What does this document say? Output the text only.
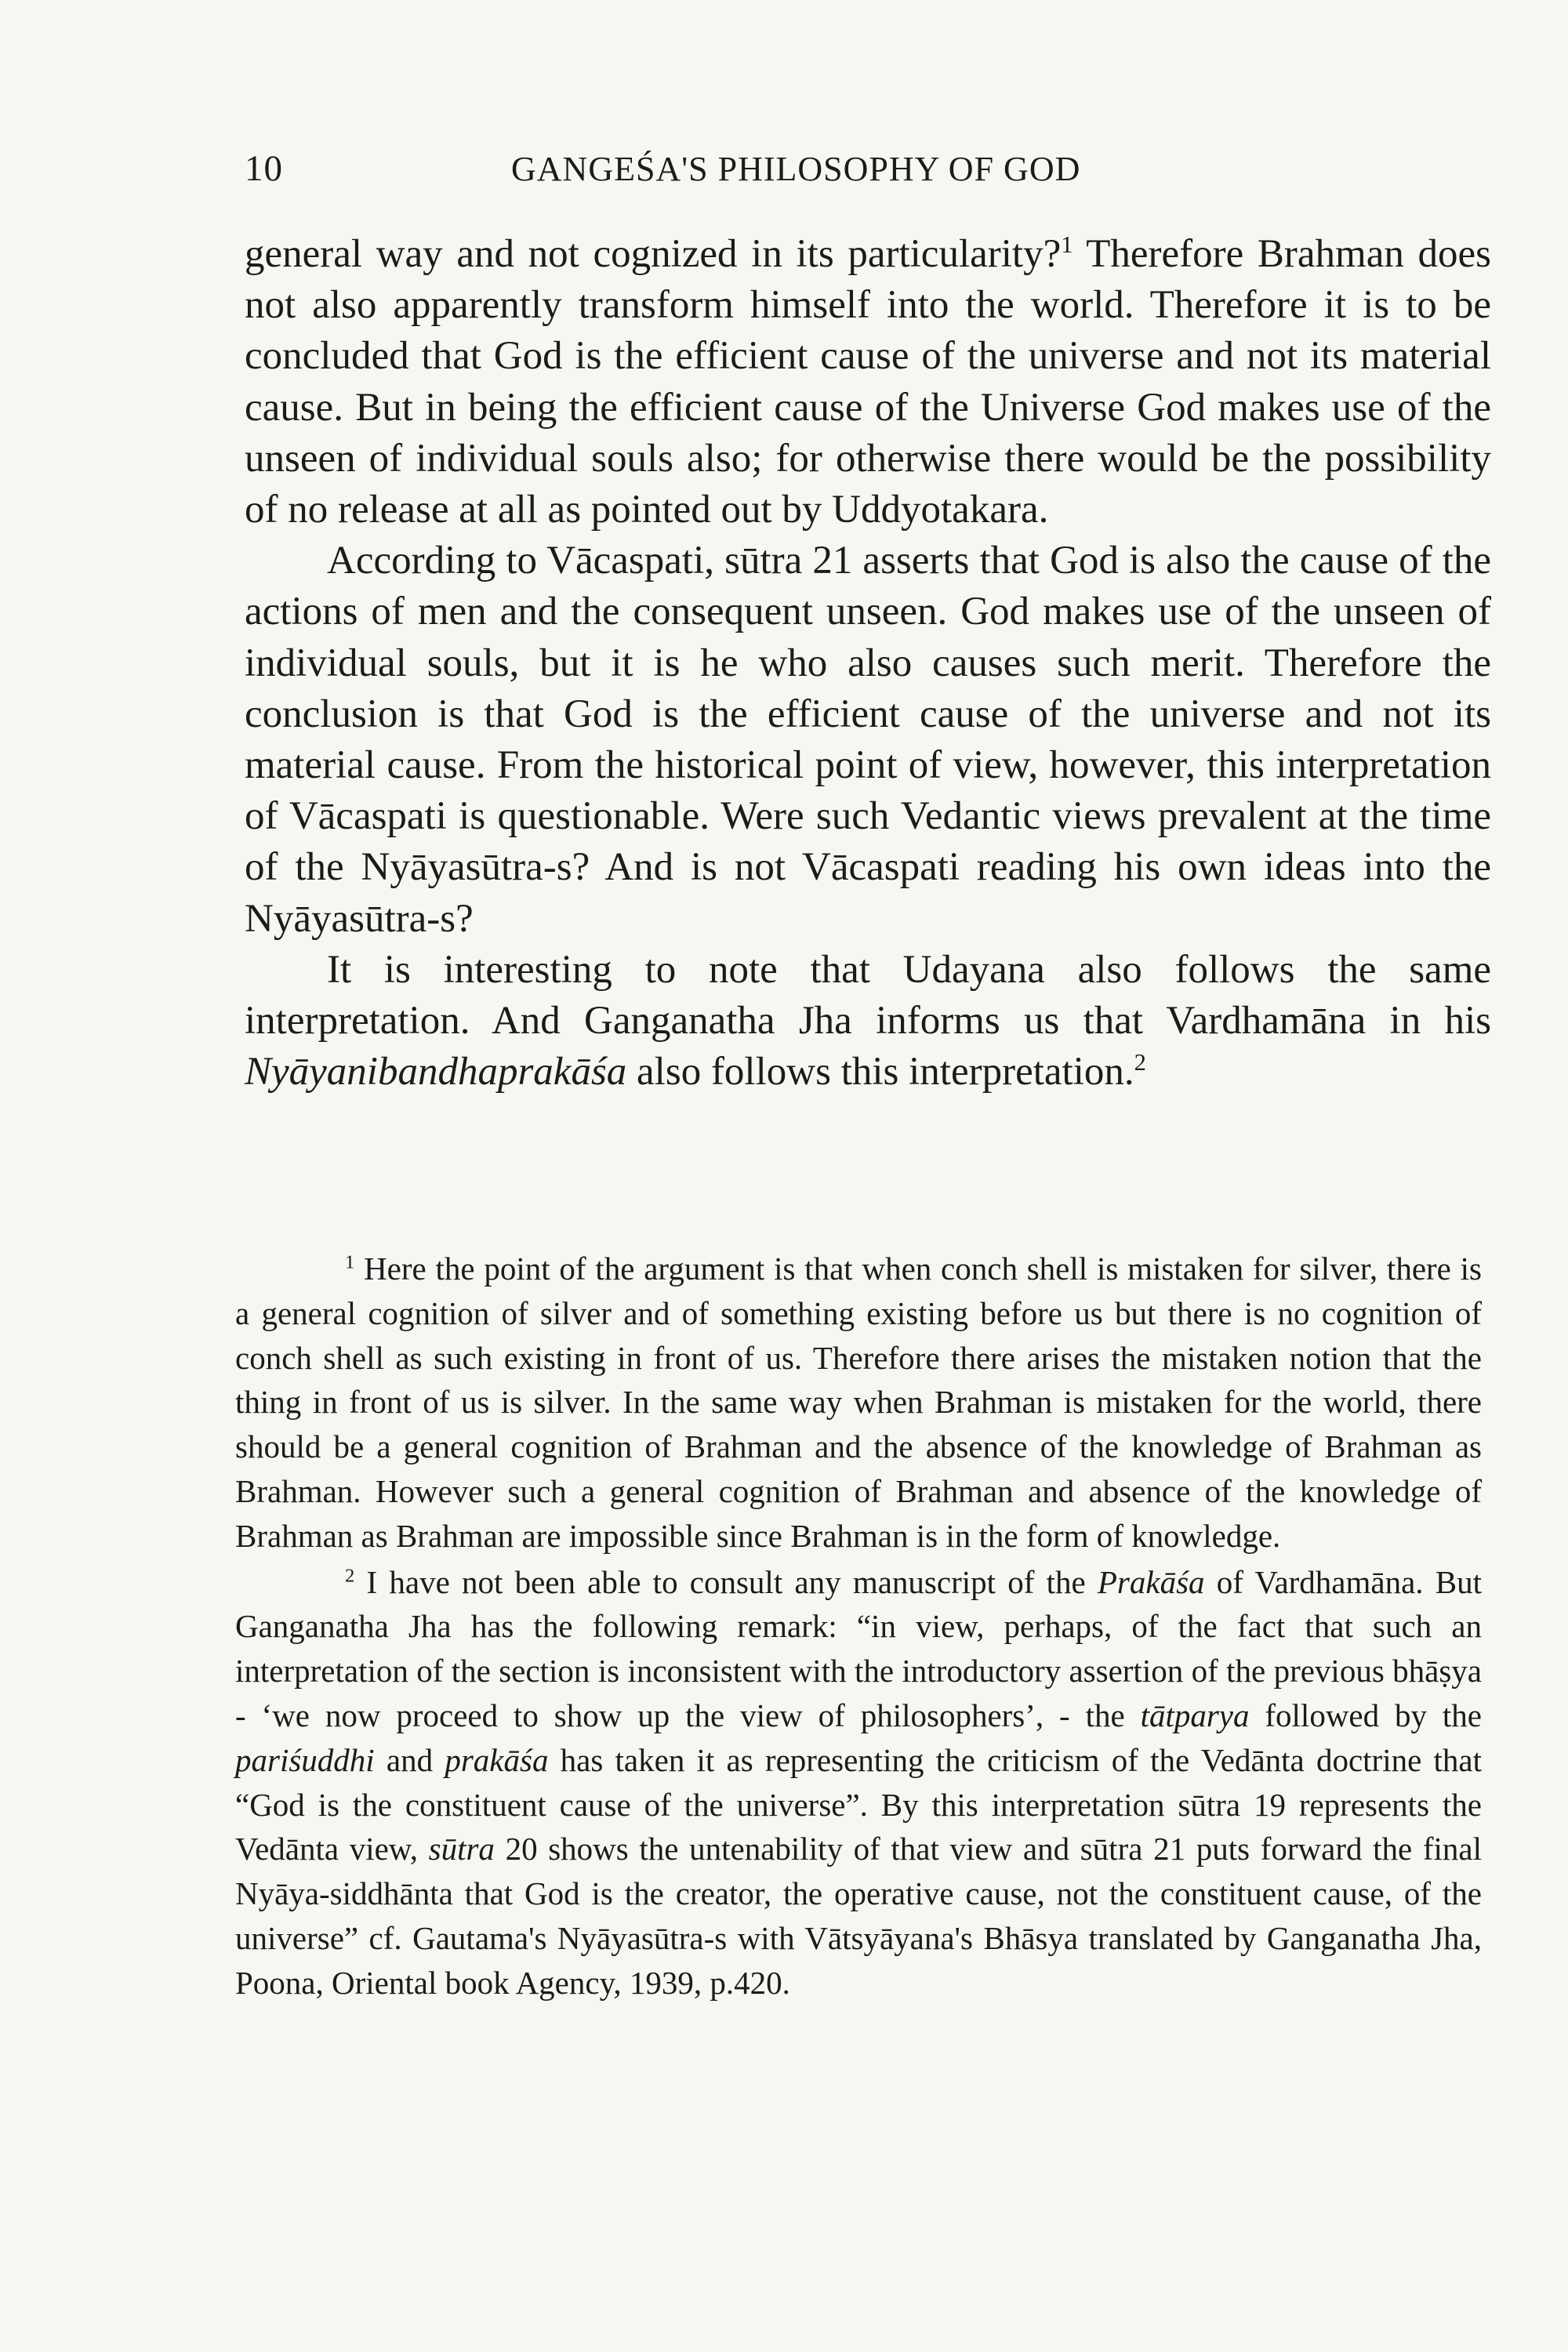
10	GANGEŚA'S PHILOSOPHY OF GOD

general way and not cognized in its particularity?$^1$ Therefore Brahman does not also apparently transform himself into the world. Therefore it is to be concluded that God is the efficient cause of the universe and not its material cause. But in being the efficient cause of the Universe God makes use of the unseen of individual souls also; for otherwise there would be the possibility of no release at all as pointed out by Uddyotakara.

According to Vācaspati, sūtra 21 asserts that God is also the cause of the actions of men and the consequent unseen. God makes use of the unseen of individual souls, but it is he who also causes such merit. Therefore the conclusion is that God is the efficient cause of the universe and not its material cause. From the historical point of view, however, this interpretation of Vācaspati is questionable. Were such Vedantic views prevalent at the time of the Nyāyasūtra-s? And is not Vācaspati reading his own ideas into the Nyāyasūtra-s?

It is interesting to note that Udayana also follows the same interpretation. And Ganganatha Jha informs us that Vardhamāna in his Nyāyanibandhaprakāśa also follows this interpretation.$^2$

$^1$ Here the point of the argument is that when conch shell is mistaken for silver, there is a general cognition of silver and of something existing before us but there is no cognition of conch shell as such existing in front of us. Therefore there arises the mistaken notion that the thing in front of us is silver. In the same way when Brahman is mistaken for the world, there should be a general cognition of Brahman and the absence of the knowledge of Brahman as Brahman. However such a general cognition of Brahman and absence of the knowledge of Brahman as Brahman are impossible since Brahman is in the form of knowledge.

$^2$ I have not been able to consult any manuscript of the Prakāśa of Vardhamāna. But Ganganatha Jha has the following remark: “in view, perhaps, of the fact that such an interpretation of the section is inconsistent with the introductory assertion of the previous bhāṣya - ‘we now proceed to show up the view of philosophers’, - the tātparya followed by the pariśuddhi and prakāśa has taken it as representing the criticism of the Vedānta doctrine that “God is the constituent cause of the universe”. By this interpretation sūtra 19 represents the Vedānta view, sūtra 20 shows the untenability of that view and sūtra 21 puts forward the final Nyāya-siddhānta that God is the creator, the operative cause, not the constituent cause, of the universe” cf. Gautama's Nyāyasūtra-s with Vātsyāyana's Bhāsya translated by Ganganatha Jha, Poona, Oriental book Agency, 1939, p.420.
